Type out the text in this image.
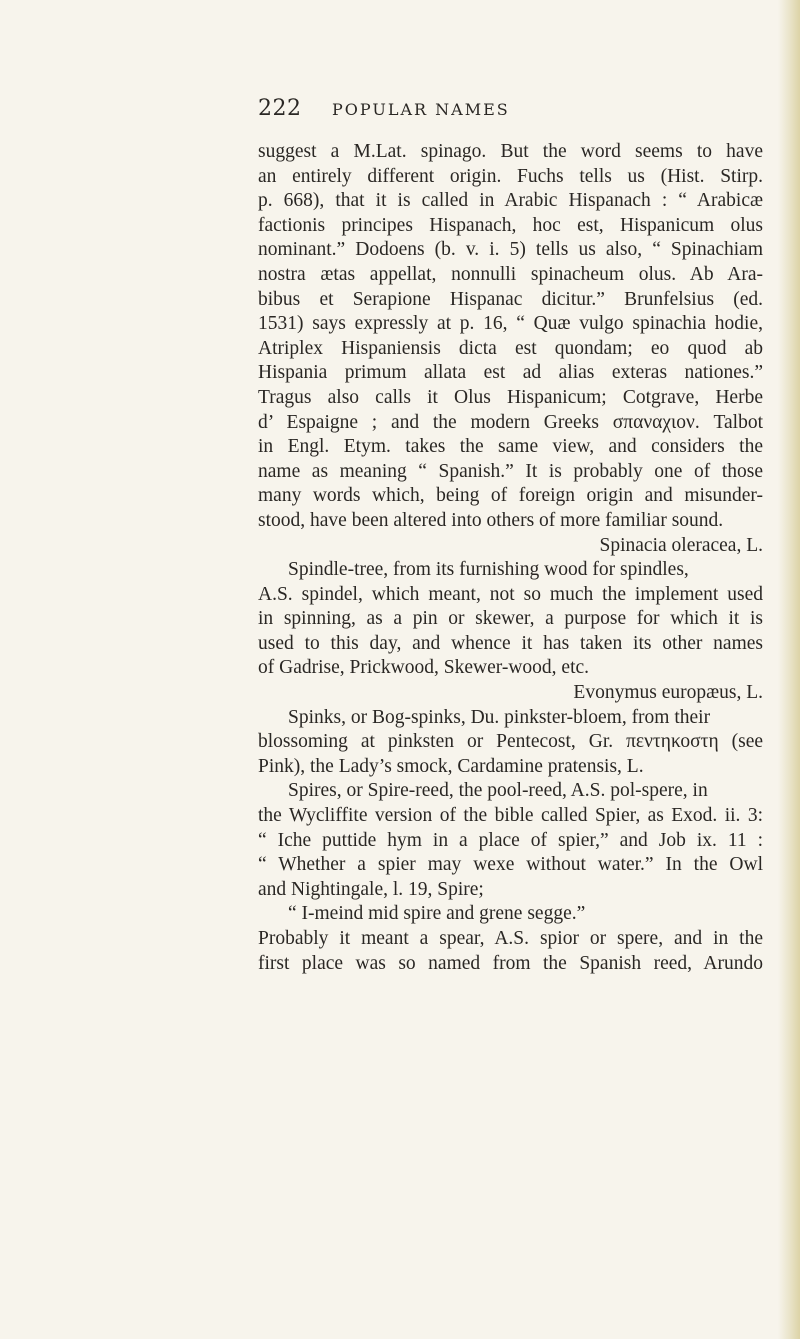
222 POPULAR NAMES
suggest a M.Lat. spinago. But the word seems to have
an entirely different origin. Fuchs tells us (Hist. Stirp.
p. 668), that it is called in Arabic Hispanach : “ Arabicæ
factionis principes Hispanach, hoc est, Hispanicum olus
nominant.” Dodoens (b. v. i. 5) tells us also, “ Spinachiam
nostra ætas appellat, nonnulli spinacheum olus. Ab Ara-
bibus et Serapione Hispanac dicitur.” Brunfelsius (ed.
1531) says expressly at p. 16, “ Quæ vulgo spinachia hodie,
Atriplex Hispaniensis dicta est quondam; eo quod ab
Hispania primum allata est ad alias exteras nationes.”
Tragus also calls it Olus Hispanicum; Cotgrave, Herbe
d’ Espaigne ; and the modern Greeks σπαναχιον. Talbot
in Engl. Etym. takes the same view, and considers the
name as meaning “ Spanish.” It is probably one of those
many words which, being of foreign origin and misunder-
stood, have been altered into others of more familiar sound.
Spinacia oleracea, L.
Spindle-tree, from its furnishing wood for spindles,
A.S. spindel, which meant, not so much the implement used
in spinning, as a pin or skewer, a purpose for which it is
used to this day, and whence it has taken its other names
of Gadrise, Prickwood, Skewer-wood, etc.
Evonymus europæus, L.
Spinks, or Bog-spinks, Du. pinkster-bloem, from their
blossoming at pinksten or Pentecost, Gr. πεντηκοστη (see
Pink), the Lady’s smock, Cardamine pratensis, L.
Spires, or Spire-reed, the pool-reed, A.S. pol-spere, in
the Wycliffite version of the bible called Spier, as Exod. ii. 3:
“ Iche puttide hym in a place of spier,” and Job ix. 11 :
“ Whether a spier may wexe without water.” In the Owl
and Nightingale, l. 19, Spire;
“ I-meind mid spire and grene segge.”
Probably it meant a spear, A.S. spior or spere, and in the
first place was so named from the Spanish reed, Arundo
